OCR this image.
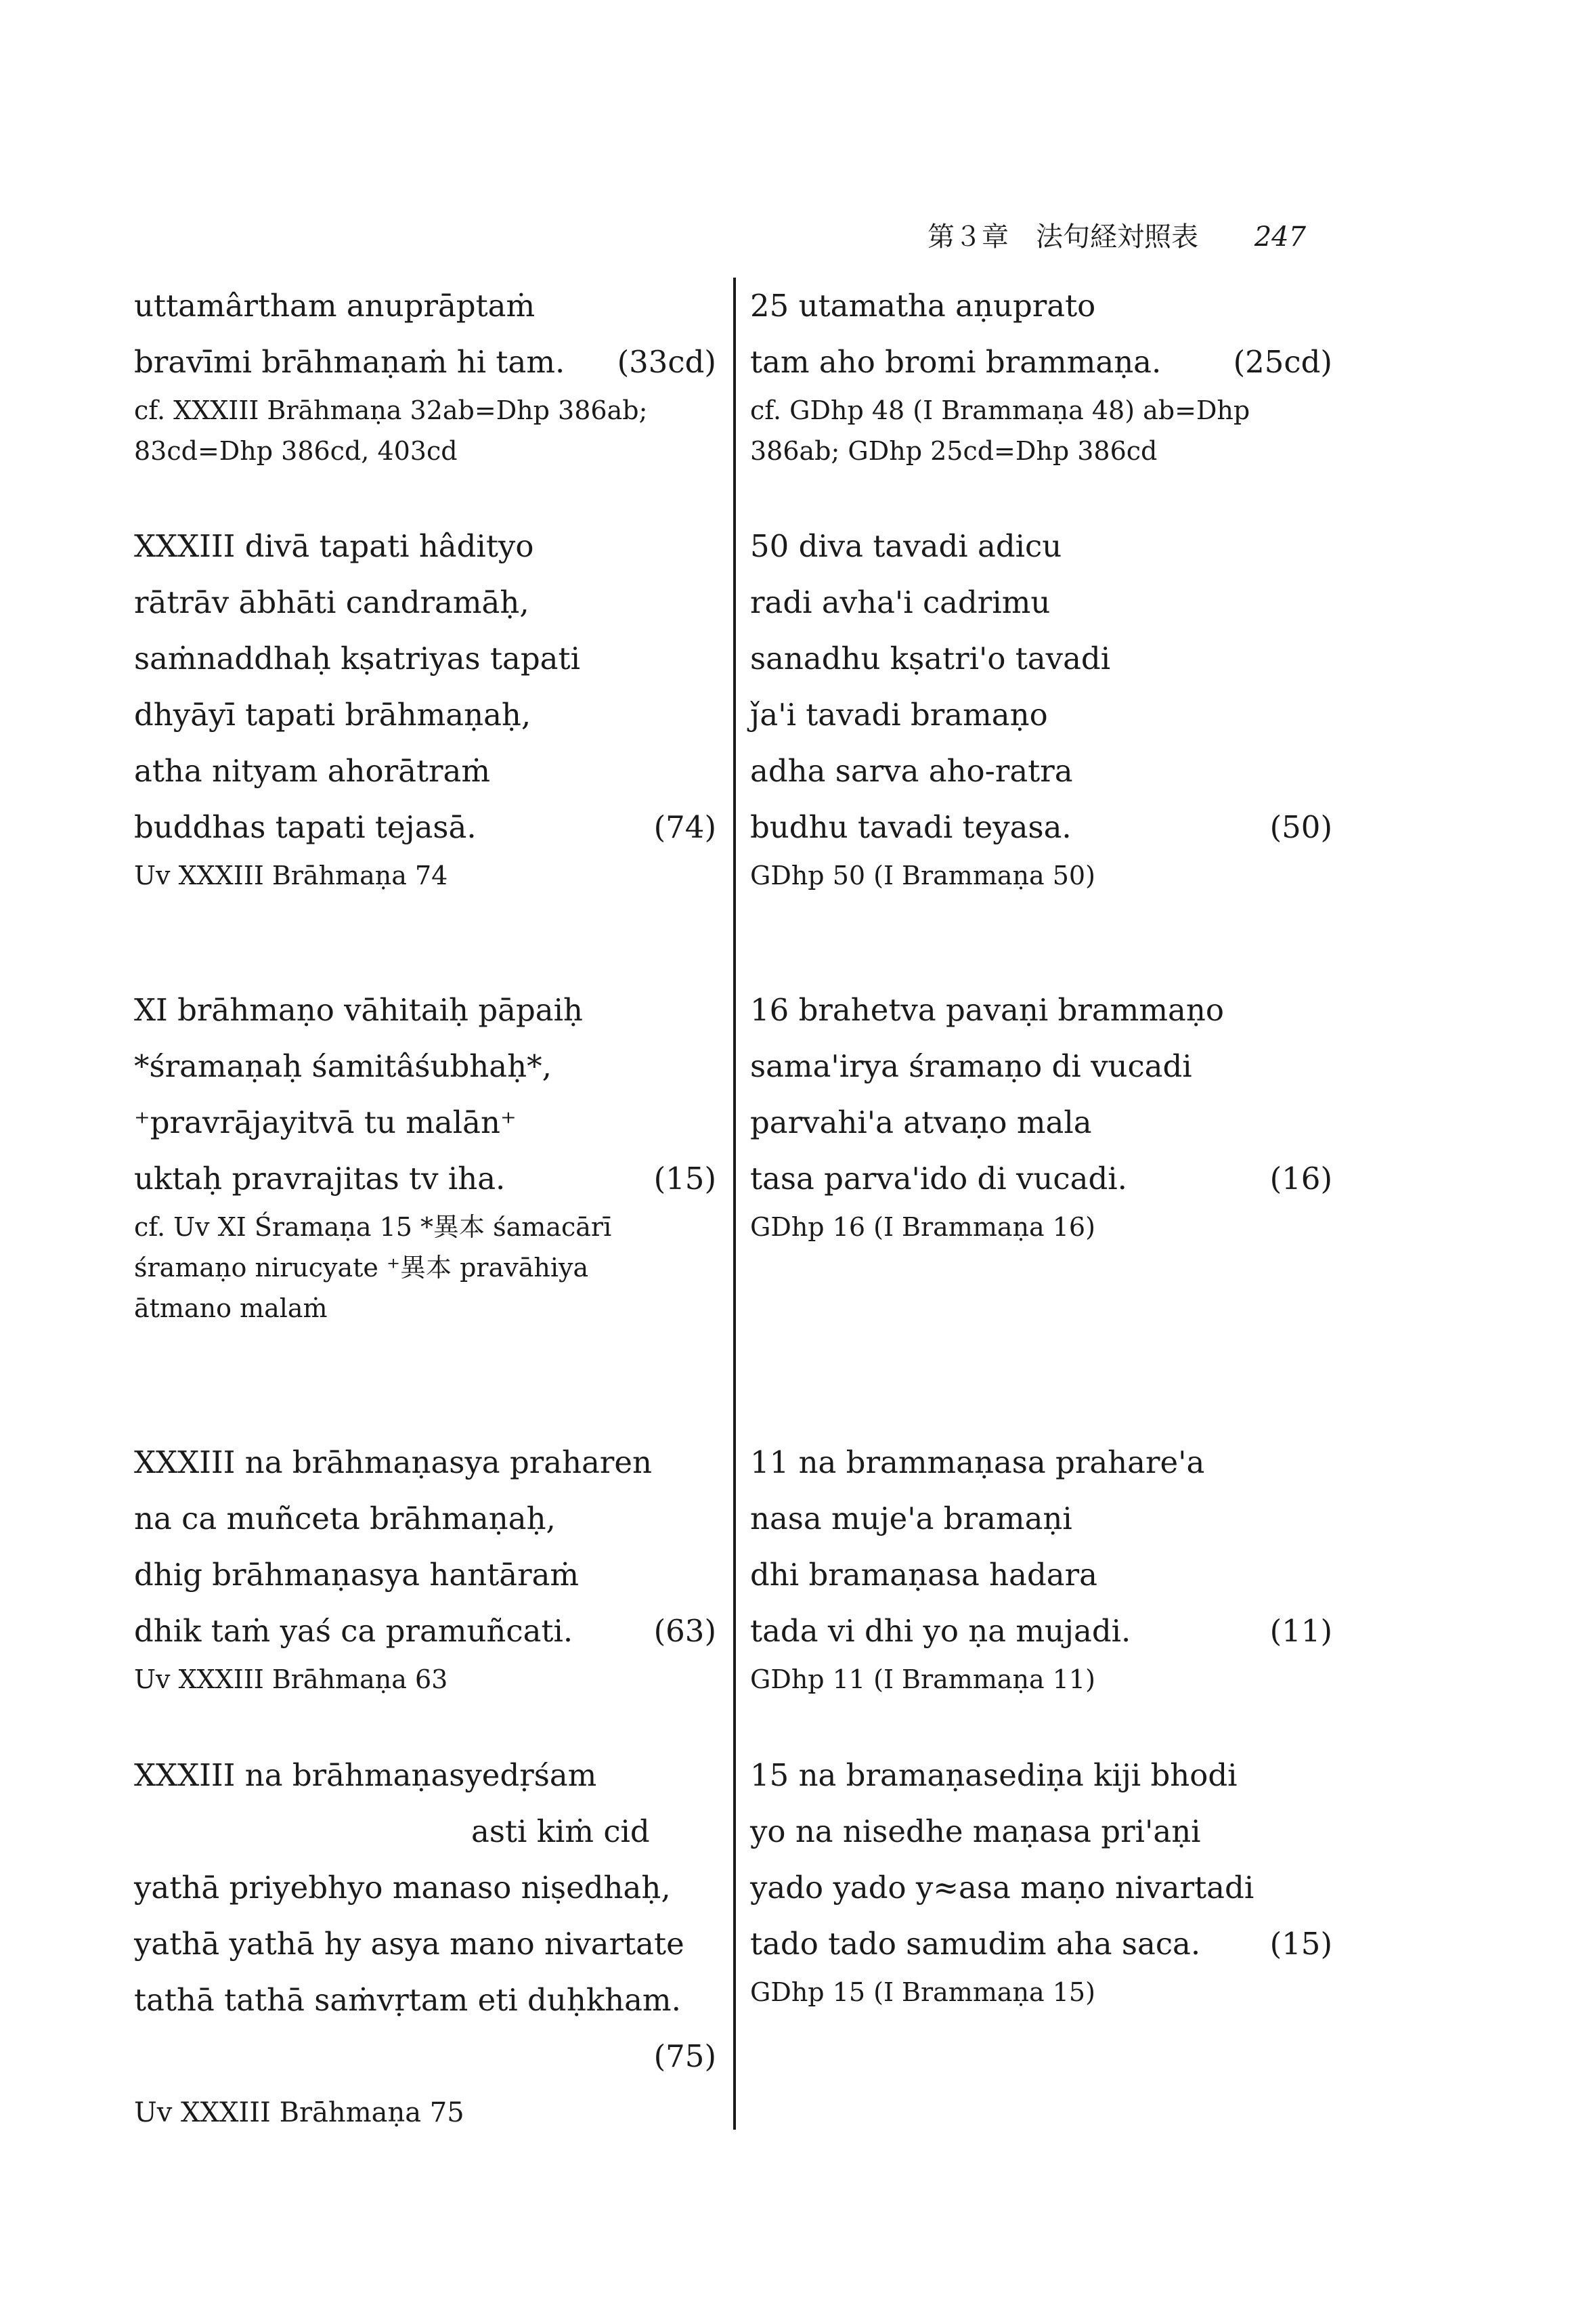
第３章　法句経対照表 247
uttamârtham anuprāptaṁ
bravīmi brāhmaṇaṁ hi tam. (33cd)
cf. XXXIII Brāhmaṇa 32ab=Dhp 386ab;
83cd=Dhp 386cd, 403cd
XXXIII divā tapati hâdityo
rātrāv ābhāti candramāḥ,
saṁnaddhaḥ kṣatriyas tapati
dhyāyī tapati brāhmaṇaḥ,
atha nityam ahorātraṁ
buddhas tapati tejasā.	(74)
Uv XXXIII Brāhmaṇa 74
XI brāhmaṇo vāhitaiḥ pāpaiḥ
*śramaṇaḥ śamitâśubhaḥ*,
⁺pravrājayitvā tu malān⁺
uktaḥ pravrajitas tv iha.	(15)
cf. Uv XI Śramaṇa 15 *異本 śamacārī
śramaṇo nirucyate ⁺異本 pravāhiya
ātmano malaṁ
XXXIII na brāhmaṇasya praharen
na ca muñceta brāhmaṇaḥ,
dhig brāhmaṇasya hantāraṁ
dhik taṁ yaś ca pramuñcati.	(63)
Uv XXXIII Brāhmaṇa 63
XXXIII na brāhmaṇasyedṛśam
asti kiṁ cid
yathā priyebhyo manaso niṣedhaḥ,
yathā yathā hy asya mano nivartate
tathā tathā saṁvṛtam eti duḥkham.
(75)
Uv XXXIII Brāhmaṇa 75
25 utamatha aṇuprato
tam aho bromi brammaṇa. (25cd)
cf. GDhp 48 (I Brammaṇa 48) ab=Dhp
386ab; GDhp 25cd=Dhp 386cd
50 diva tavadi adicu
radi avha'i cadrimu
sanadhu kṣatri'o tavadi
ǰa'i tavadi bramaṇo
adha sarva aho-ratra
budhu tavadi teyasa.	(50)
GDhp 50 (I Brammaṇa 50)
16 brahetva pavaṇi brammaṇo
sama'irya śramaṇo di vucadi
parvahi'a atvaṇo mala
tasa parva'ido di vucadi.	(16)
GDhp 16 (I Brammaṇa 16)
11 na brammaṇasa prahare'a
nasa muje'a bramaṇi
dhi bramaṇasa hadara
tada vi dhi yo ṇa mujadi.	(11)
GDhp 11 (I Brammaṇa 11)
15 na bramaṇasediṇa kiji bhodi
yo na nisedhe maṇasa pri'aṇi
yado yado y≈asa maṇo nivartadi
tado tado samudim aha saca. (15)
GDhp 15 (I Brammaṇa 15)
